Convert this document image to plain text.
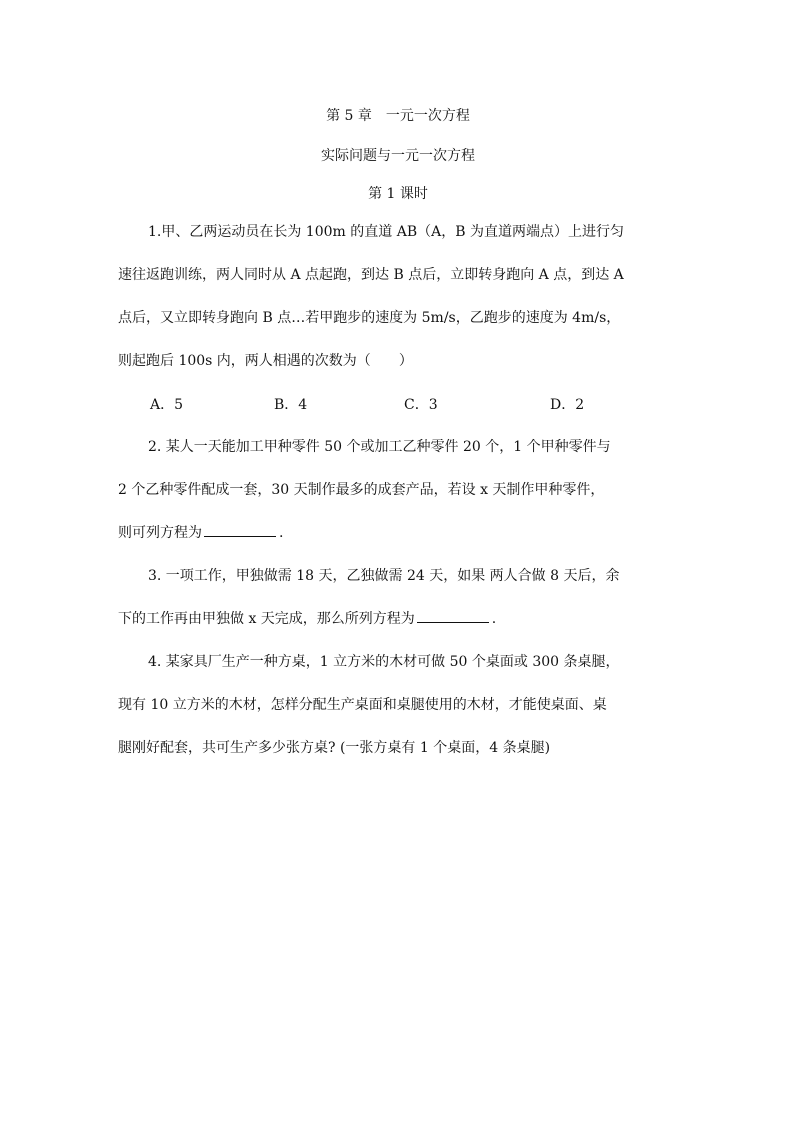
第 5 章　一元一次方程

实际问题与一元一次方程

第 1 课时

1.甲、乙两运动员在长为 100m 的直道 AB（A，B 为直道两端点）上进行匀

速往返跑训练，两人同时从 A 点起跑，到达 B 点后，立即转身跑向 A 点，到达 A

点后，又立即转身跑向 B 点…若甲跑步的速度为 5m/s，乙跑步的速度为 4m/s，

则起跑后 100s 内，两人相遇的次数为（ ）

A．5	B．4	C．3	D．2

2. 某人一天能加工甲种零件 50 个或加工乙种零件 20 个，1 个甲种零件与

2 个乙种零件配成一套，30 天制作最多的成套产品，若设 x 天制作甲种零件，

则可列方程为	.

3. 一项工作，甲独做需 18 天，乙独做需 24 天，如果 两人合做 8 天后，余

下的工作再由甲独做 x 天完成，那么所列方程为	.

4. 某家具厂生产一种方桌，1 立方米的木材可做 50 个桌面或 300 条桌腿，

现有 10 立方米的木材，怎样分配生产桌面和桌腿使用的木材，才能使桌面、桌

腿刚好配套，共可生产多少张方桌? (一张方桌有 1 个桌面，4 条桌腿)
